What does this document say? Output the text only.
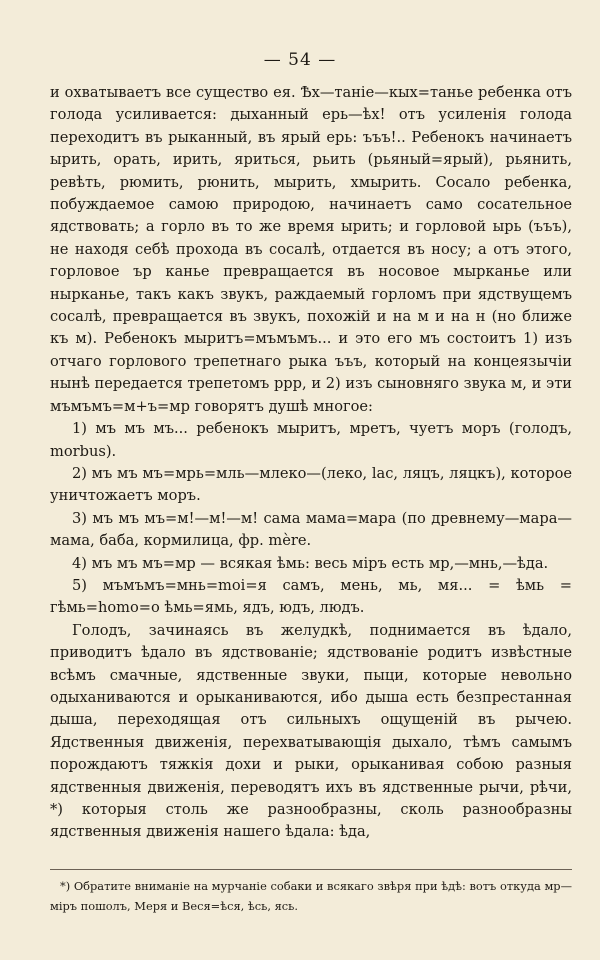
— 54 —

и охватываетъ все существо ея. Ѣх—таніе—кых=танье ребенка отъ голода усиливается: дыханный ерь—ѣх! отъ усиленія голода переходитъ въ рыканный, въ ярый ерь: ъъъ!.. Ребенокъ начинаетъ ырить, орать, ирить, яриться, рьить (рьяный=ярый), рьянить, ревѣть, рюмить, рюнить, мырить, хмырить. Сосало ребенка, побуждаемое самою природою, начинаетъ само сосательное ядствовать; а горло въ то же время ырить; и горловой ырь (ъъъ), не находя себѣ прохода въ сосалѣ, отдается въ носу; а отъ этого, горловое ър канье превращается въ носовое мырканье или нырканье, такъ какъ звукъ, раждаемый горломъ при ядствущемъ сосалѣ, превращается въ звукъ, похожій и на м и на н (но ближе къ м). Ребенокъ мыритъ=мъмъмъ... и это его мъ состоитъ 1) изъ отчаго горлового трепетнаго рыка ъъъ, который на концеязычіи нынѣ передается трепетомъ ррр, и 2) изъ сыновняго звука м, и эти мъмъмъ=м+ъ=мр говорятъ душѣ многое:

1) мъ мъ мъ... ребенокъ мыритъ, мретъ, чуетъ моръ (голодъ, morbus).

2) мъ мъ мъ=мрь=мль—млеко—(леко, lac, ляцъ, ляцкъ), которое уничтожаетъ моръ.

3) мъ мъ мъ=м!—м!—м! сама мама=мара (по древнему—мара—мама, баба, кормилица, фр. mère.

4) мъ мъ мъ=мр — всякая ѣмь: весь міръ есть мр,—мнь,—ѣда.

5) мъмъмъ=мнь=moi=я самъ, мень, мь, мя... = ѣмь = гѣмь=homo=о ѣмь=ямь, ядъ, юдъ, людъ.

Голодъ, зачинаясь въ желудкѣ, поднимается въ ѣдало, приводитъ ѣдало въ ядствованіе; ядствованіе родитъ извѣстные всѣмъ смачные, ядственные звуки, пыци, которые невольно одыханиваются и орыканиваются, ибо дыша есть безпрестанная дыша, переходящая отъ сильныхъ ощущеній въ рычею. Ядственныя движенія, перехватывающія дыхало, тѣмъ самымъ порождаютъ тяжкія дохи и рыки, орыканивая собою разныя ядственныя движенія, переводятъ ихъ въ ядственные рычи, рѣчи, *) которыя столь же разнообразны, сколь разнообразны ядственныя движенія нашего ѣдала: ѣда,

*) Обратите вниманіе на мурчаніе собаки и всякаго звѣря при ѣдѣ: вотъ откуда мр—міръ пошолъ, Меря и Веся=ѣся, ѣсь, ясь.
